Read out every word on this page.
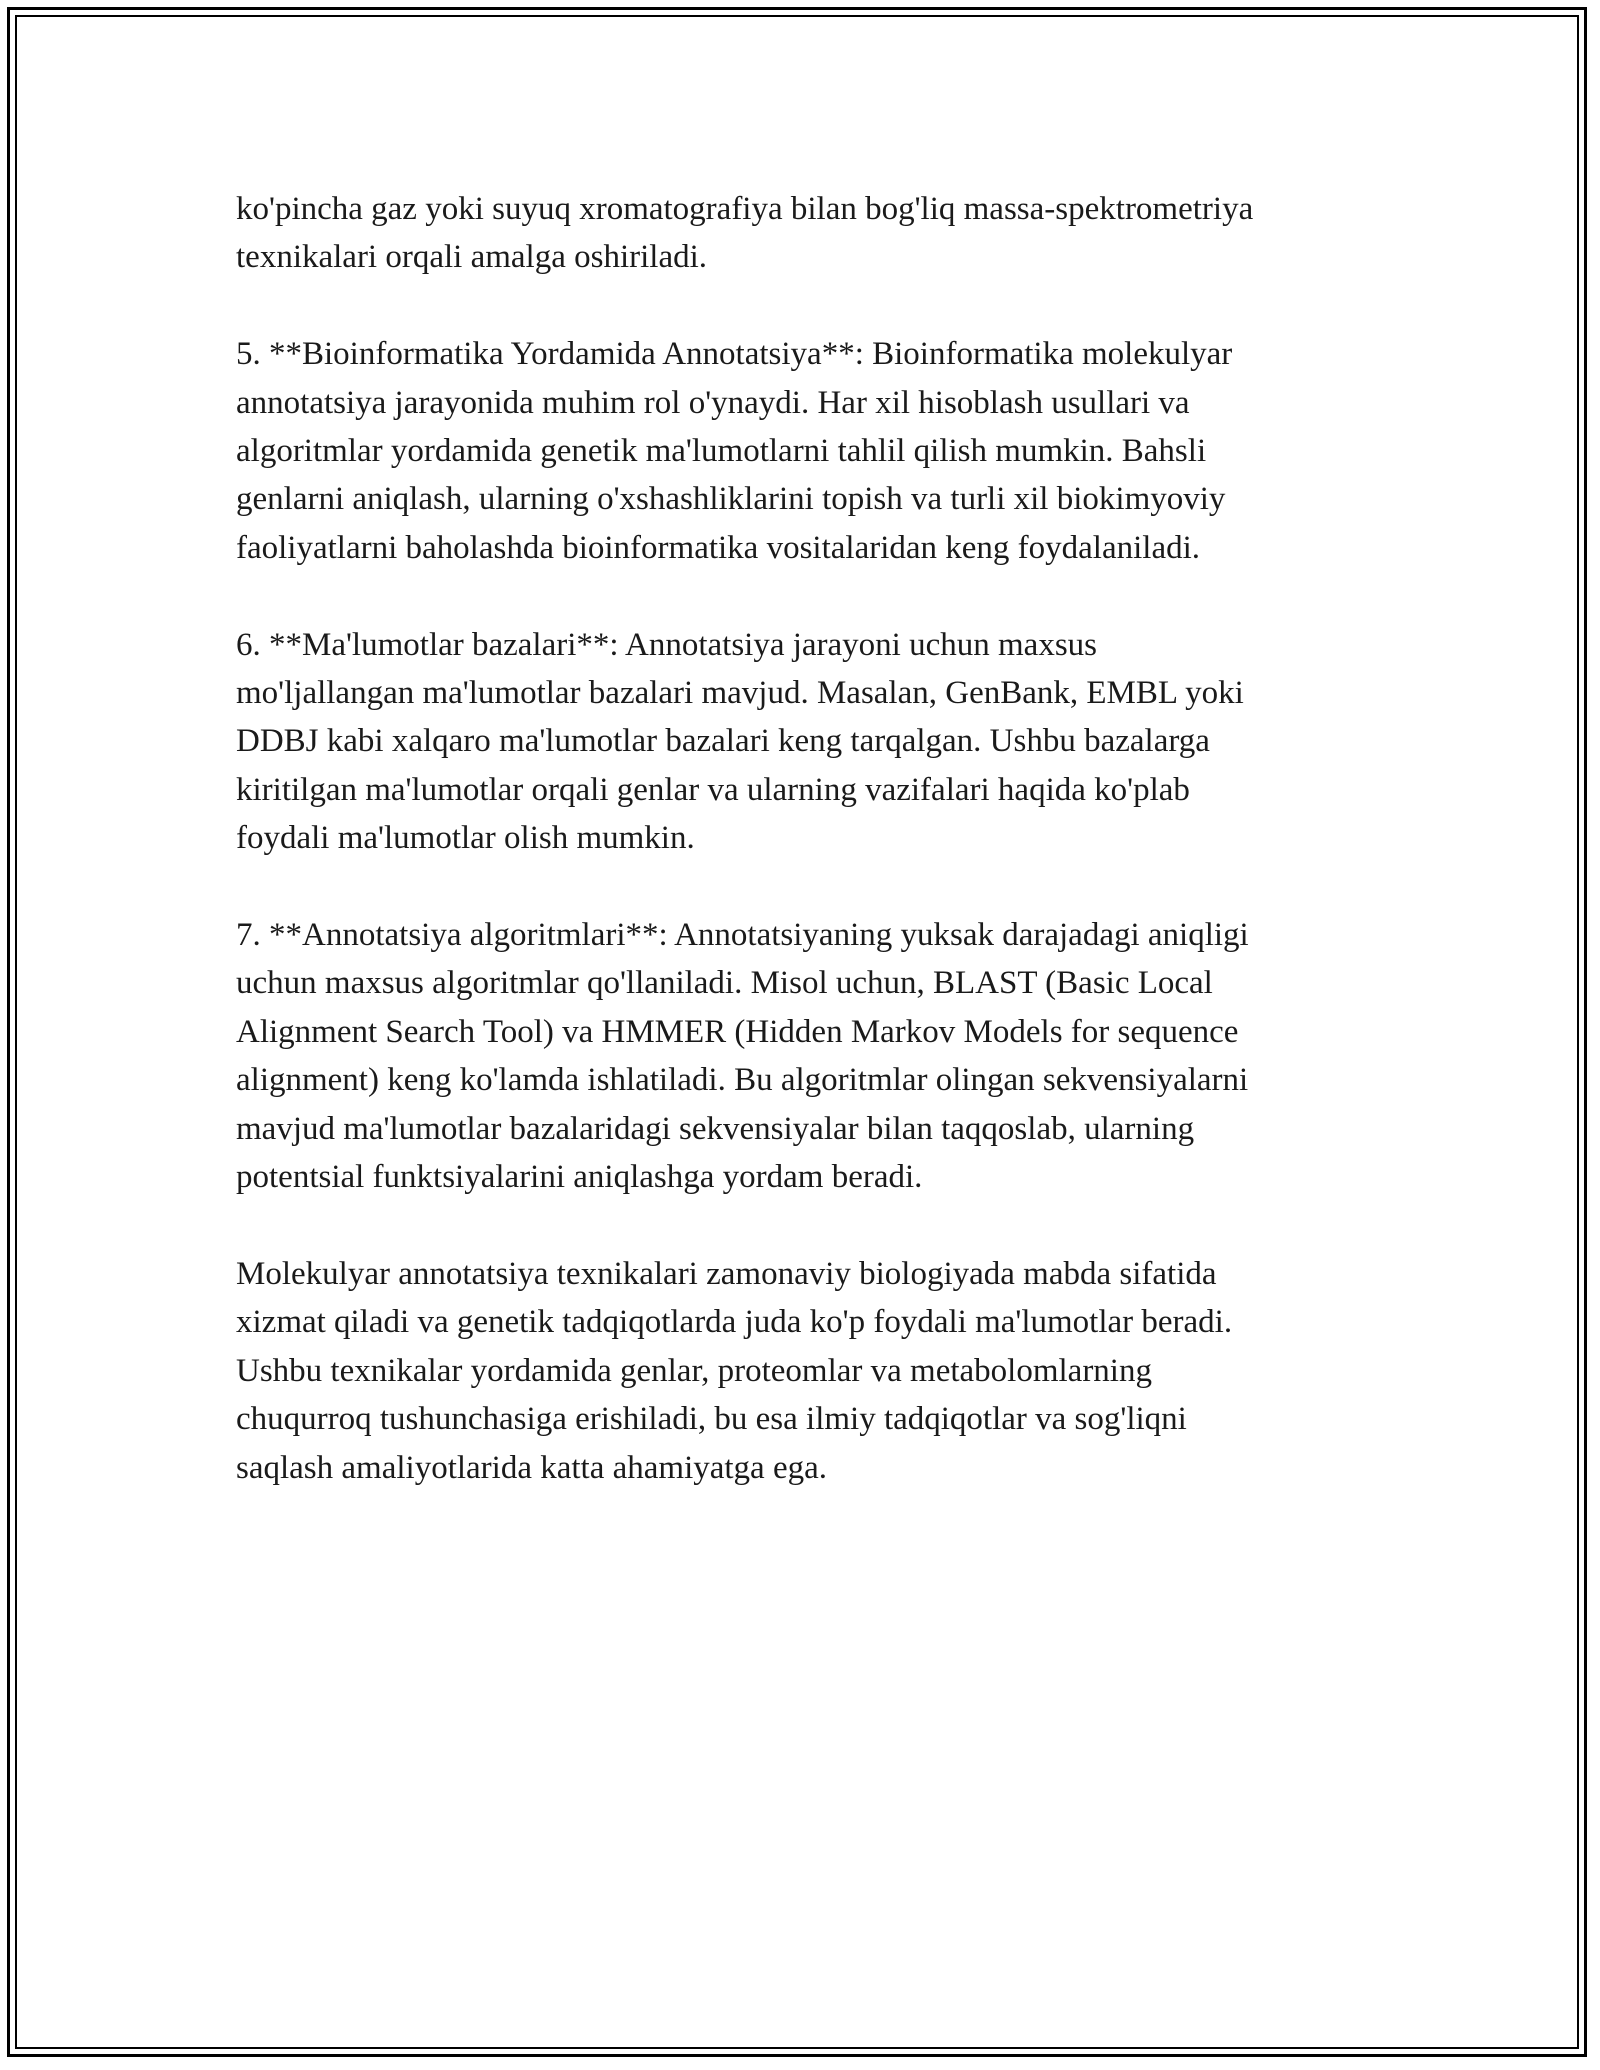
ko'pincha gaz yoki suyuq xromatografiya bilan bog'liq massa-spektrometriya
texnikalari orqali amalga oshiriladi.

5. **Bioinformatika Yordamida Annotatsiya**: Bioinformatika molekulyar
annotatsiya jarayonida muhim rol o'ynaydi. Har xil hisoblash usullari va
algoritmlar yordamida genetik ma'lumotlarni tahlil qilish mumkin. Bahsli
genlarni aniqlash, ularning o'xshashliklarini topish va turli xil biokimyoviy
faoliyatlarni baholashda bioinformatika vositalaridan keng foydalaniladi.

6. **Ma'lumotlar bazalari**: Annotatsiya jarayoni uchun maxsus
mo'ljallangan ma'lumotlar bazalari mavjud. Masalan, GenBank, EMBL yoki
DDBJ kabi xalqaro ma'lumotlar bazalari keng tarqalgan. Ushbu bazalarga
kiritilgan ma'lumotlar orqali genlar va ularning vazifalari haqida ko'plab
foydali ma'lumotlar olish mumkin.

7. **Annotatsiya algoritmlari**: Annotatsiyaning yuksak darajadagi aniqligi
uchun maxsus algoritmlar qo'llaniladi. Misol uchun, BLAST (Basic Local
Alignment Search Tool) va HMMER (Hidden Markov Models for sequence
alignment) keng ko'lamda ishlatiladi. Bu algoritmlar olingan sekvensiyalarni
mavjud ma'lumotlar bazalaridagi sekvensiyalar bilan taqqoslab, ularning
potentsial funktsiyalarini aniqlashga yordam beradi.

Molekulyar annotatsiya texnikalari zamonaviy biologiyada mabda sifatida
xizmat qiladi va genetik tadqiqotlarda juda ko'p foydali ma'lumotlar beradi.
Ushbu texnikalar yordamida genlar, proteomlar va metabolomlarning
chuqurroq tushunchasiga erishiladi, bu esa ilmiy tadqiqotlar va sog'liqni
saqlash amaliyotlarida katta ahamiyatga ega.
